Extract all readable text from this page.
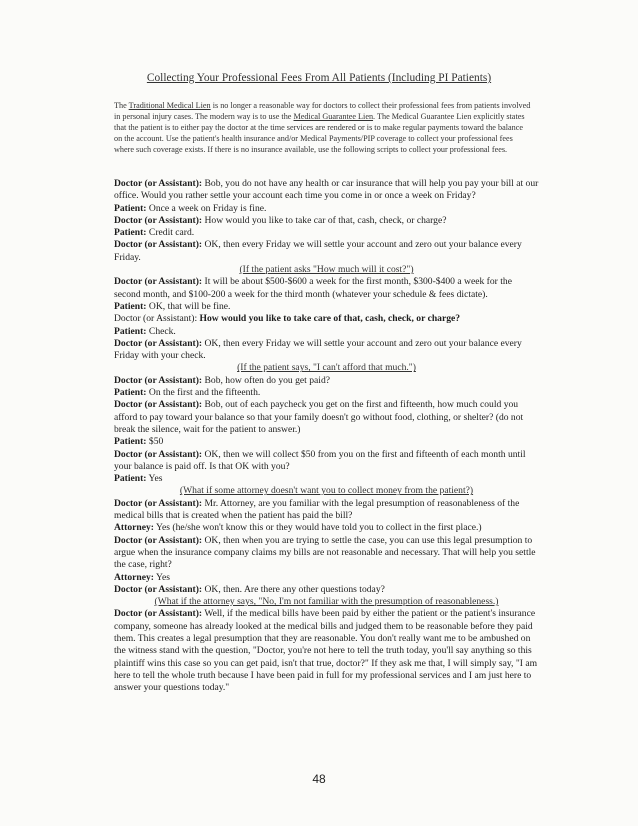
Collecting Your Professional Fees From All Patients (Including PI Patients)
The Traditional Medical Lien is no longer a reasonable way for doctors to collect their professional fees from patients involved in personal injury cases. The modern way is to use the Medical Guarantee Lien. The Medical Guarantee Lien explicitly states that the patient is to either pay the doctor at the time services are rendered or is to make regular payments toward the balance on the account. Use the patient's health insurance and/or Medical Payments/PIP coverage to collect your professional fees where such coverage exists. If there is no insurance available, use the following scripts to collect your professional fees.

Doctor (or Assistant): Bob, you do not have any health or car insurance that will help you pay your bill at our office. Would you rather settle your account each time you come in or once a week on Friday?

Patient: Once a week on Friday is fine.

Doctor (or Assistant): How would you like to take car of that, cash, check, or charge?

Patient: Credit card.

Doctor (or Assistant): OK, then every Friday we will settle your account and zero out your balance every Friday.

(If the patient asks "How much will it cost?")

Doctor (or Assistant): It will be about $500-$600 a week for the first month, $300-$400 a week for the second month, and $100-200 a week for the third month (whatever your schedule & fees dictate).

Patient: OK, that will be fine.

Doctor (or Assistant): How would you like to take care of that, cash, check, or charge?

Patient: Check.

Doctor (or Assistant): OK, then every Friday we will settle your account and zero out your balance every Friday with your check.

(If the patient says, "I can't afford that much.")

Doctor (or Assistant): Bob, how often do you get paid?

Patient: On the first and the fifteenth.

Doctor (or Assistant): Bob, out of each paycheck you get on the first and fifteenth, how much could you afford to pay toward your balance so that your family doesn't go without food, clothing, or shelter? (do not break the silence, wait for the patient to answer.)

Patient: $50

Doctor (or Assistant): OK, then we will collect $50 from you on the first and fifteenth of each month until your balance is paid off. Is that OK with you?

Patient: Yes

(What if some attorney doesn't want you to collect money from the patient?)

Doctor (or Assistant): Mr. Attorney, are you familiar with the legal presumption of reasonableness of the medical bills that is created when the patient has paid the bill?

Attorney: Yes (he/she won't know this or they would have told you to collect in the first place.)

Doctor (or Assistant): OK, then when you are trying to settle the case, you can use this legal presumption to argue when the insurance company claims my bills are not reasonable and necessary. That will help you settle the case, right?

Attorney: Yes

Doctor (or Assistant): OK, then. Are there any other questions today?

(What if the attorney says, "No, I'm not familiar with the presumption of reasonableness.)

Doctor (or Assistant): Well, if the medical bills have been paid by either the patient or the patient's insurance company, someone has already looked at the medical bills and judged them to be reasonable before they paid them. This creates a legal presumption that they are reasonable. You don't really want me to be ambushed on the witness stand with the question, "Doctor, you're not here to tell the truth today, you'll say anything so this plaintiff wins this case so you can get paid, isn't that true, doctor?" If they ask me that, I will simply say, "I am here to tell the whole truth because I have been paid in full for my professional services and I am just here to answer your questions today."

48
